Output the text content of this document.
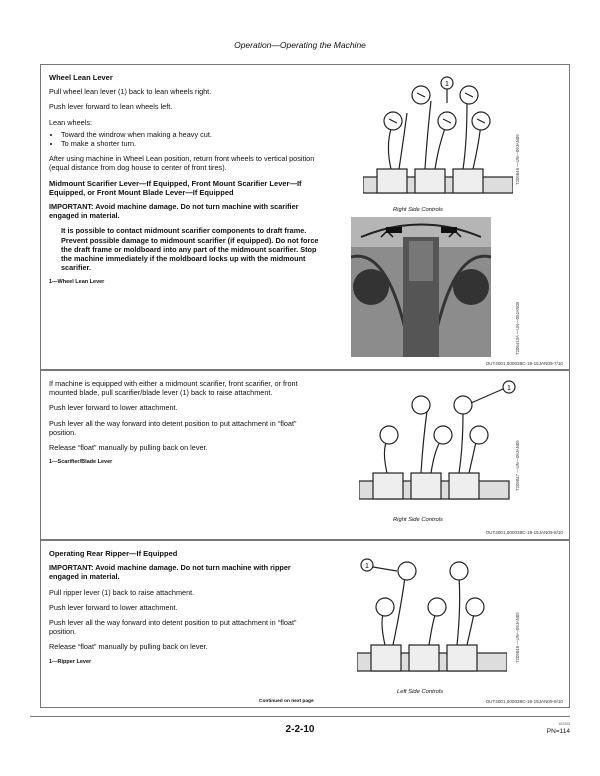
Operation—Operating the Machine
Wheel Lean Lever

Pull wheel lean lever (1) back to lean wheels right.

Push lever forward to lean wheels left.

Lean wheels:

• Toward the windrow when making a heavy cut.
• To make a shorter turn.

After using machine in Wheel Lean position, return front wheels to vertical position (equal distance from dog house to center of front tires).

Midmount Scarifier Lever—If Equipped, Front Mount Scarifier Lever—If Equipped, or Front Mount Blade Lever—If Equipped

IMPORTANT: Avoid machine damage. Do not turn machine with scarifier engaged in material.

It is possible to contact midmount scarifier components to draft frame. Prevent possible damage to midmount scarifier (if equipped). Do not force the draft frame or moldboard into any part of the midmount scarifier. Stop the machine immediately if the moldboard locks up with the midmount scarifier.

1—Wheel Lean Lever
1
T209846 —UN—09JAN09
Right Side Controls
T206413A —UN—05JAN09
OUT4001,000038C-19-15JAN09-7/10

If machine is equipped with either a midmount scarifier, front scarifier, or front mounted blade, pull scarifier/blade lever (1) back to raise attachment.

Push lever forward to lower attachment.

Push lever all the way forward into detent position to put attachment in “float” position.

Release “float” manually by pulling back on lever.

1—Scarifier/Blade Lever
1
T209847 —UN—09JAN09
Right Side Controls
OUT4001,000038C-19-15JAN09-8/10
Operating Rear Ripper—If Equipped

IMPORTANT: Avoid machine damage. Do not turn machine with ripper engaged in material.

Pull ripper lever (1) back to raise attachment.

Push lever forward to lower attachment.

Push lever all the way forward into detent position to put attachment in “float” position.

Release “float” manually by pulling back on lever.

1—Ripper Lever
1
T209848 —UN—09JAN09
Left Side Controls
Continued on next page	OUT4001,000038C-19-15JAN09-9/10
2-2-10	102303
PN=114
